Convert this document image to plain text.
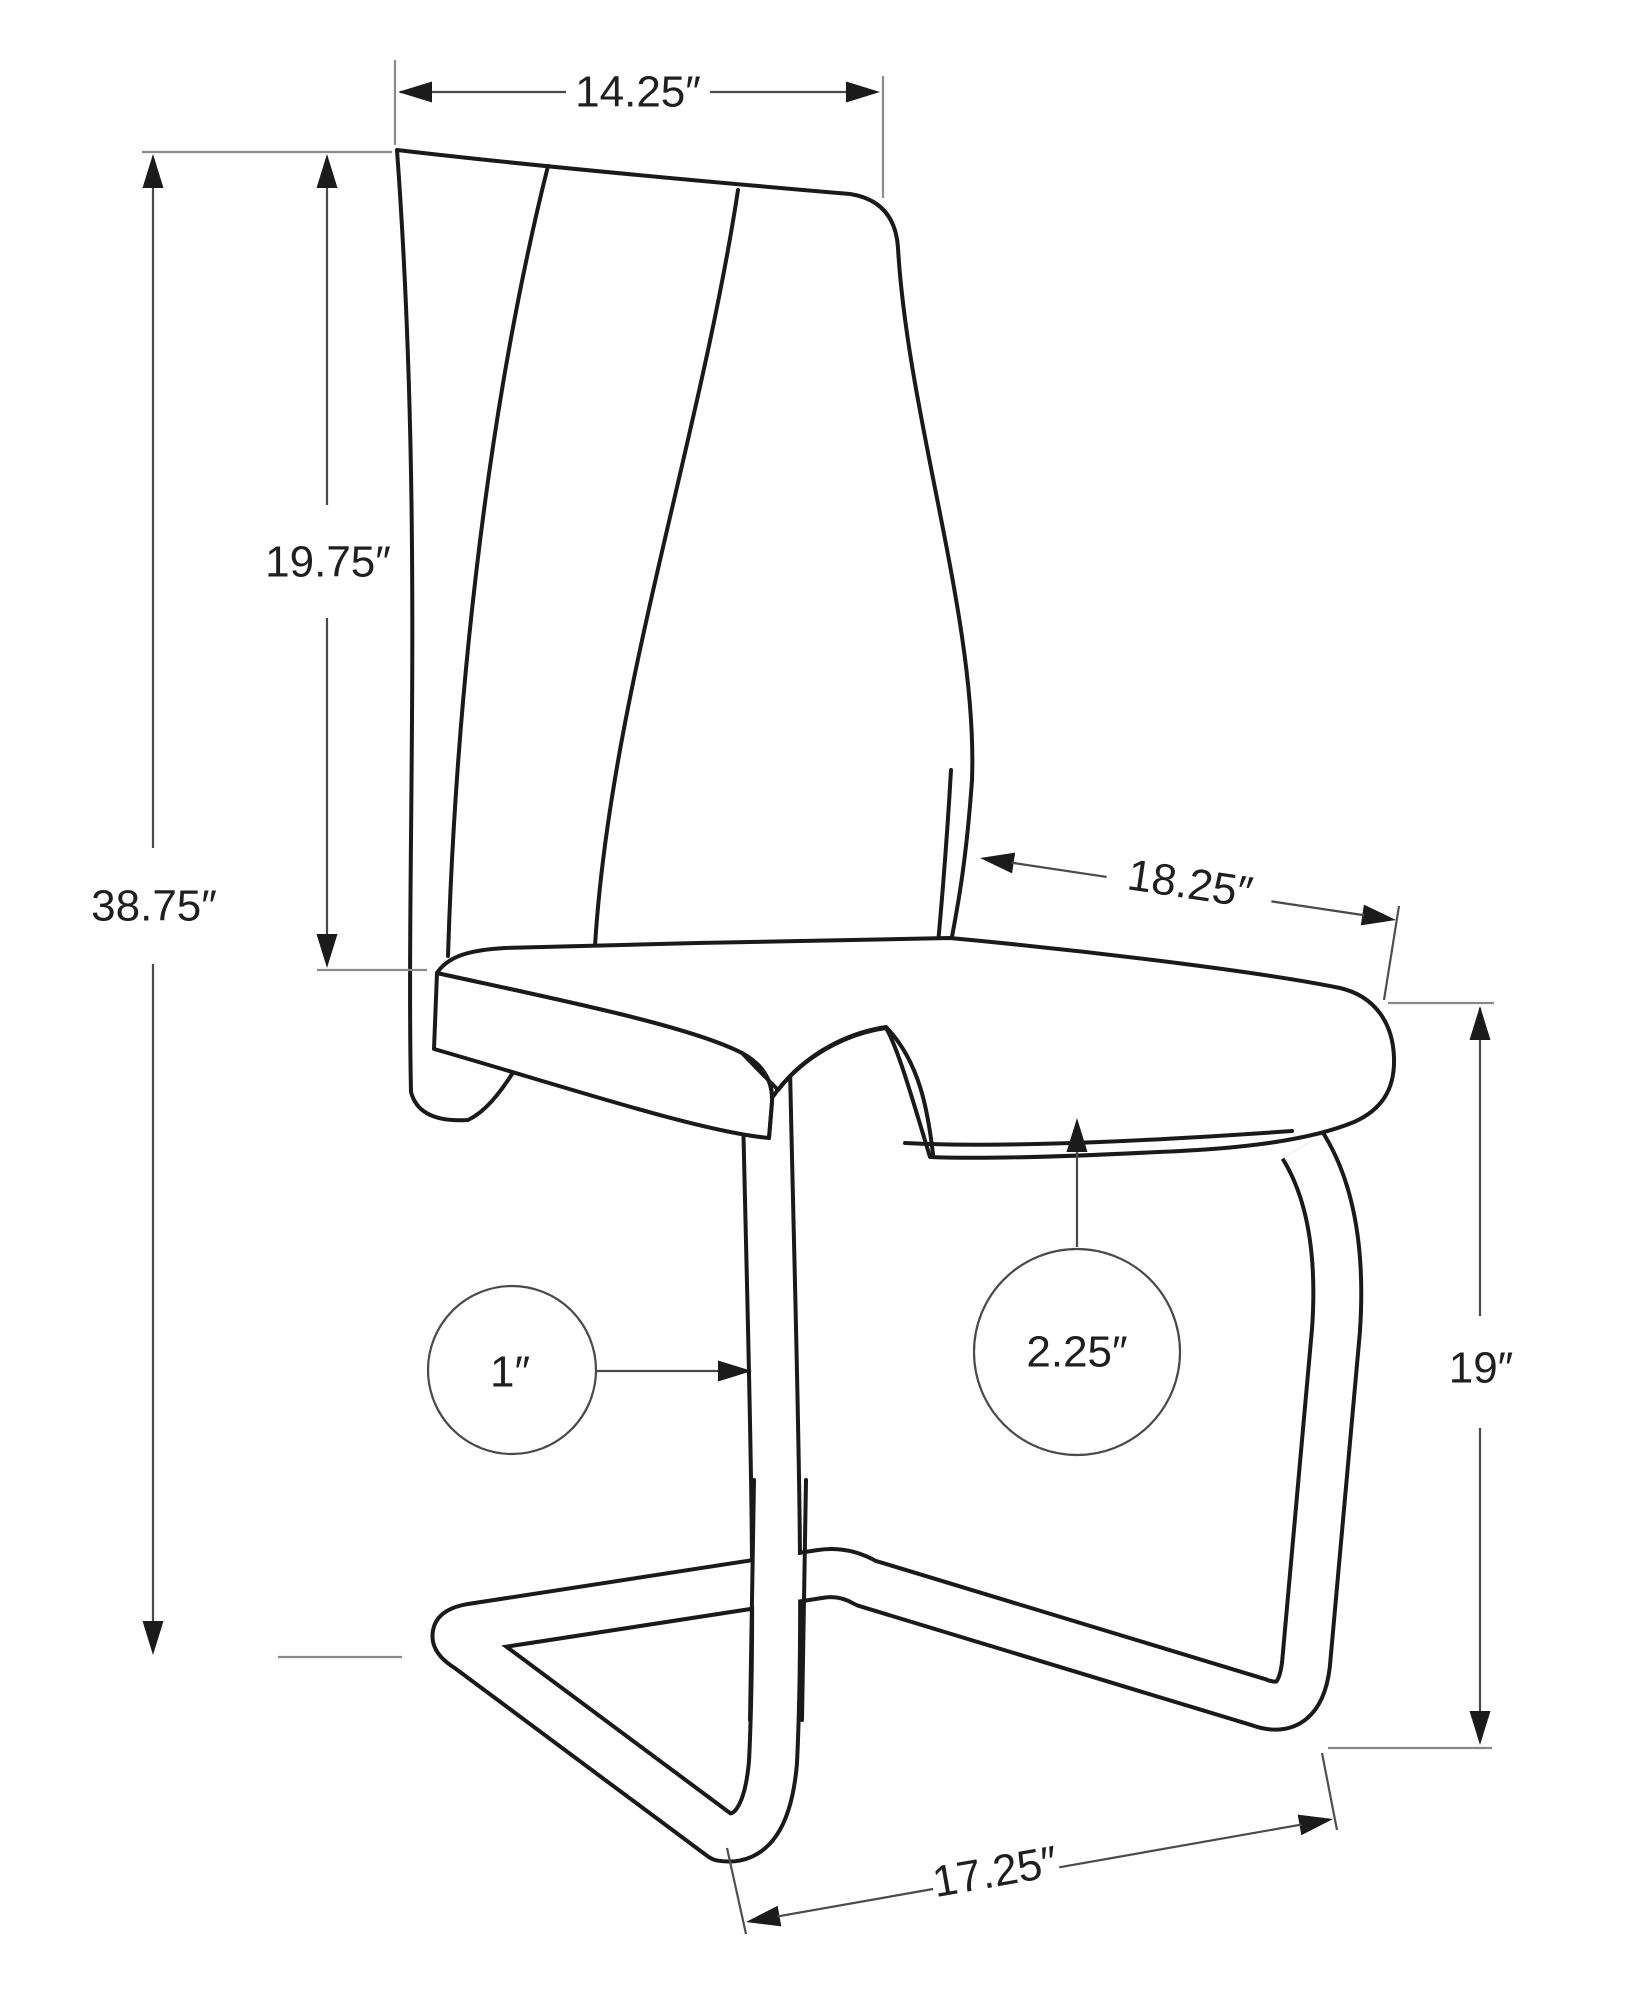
14.25″
19.75″
38.75″	18.25″
19″
1″	2.25″
17.25″
